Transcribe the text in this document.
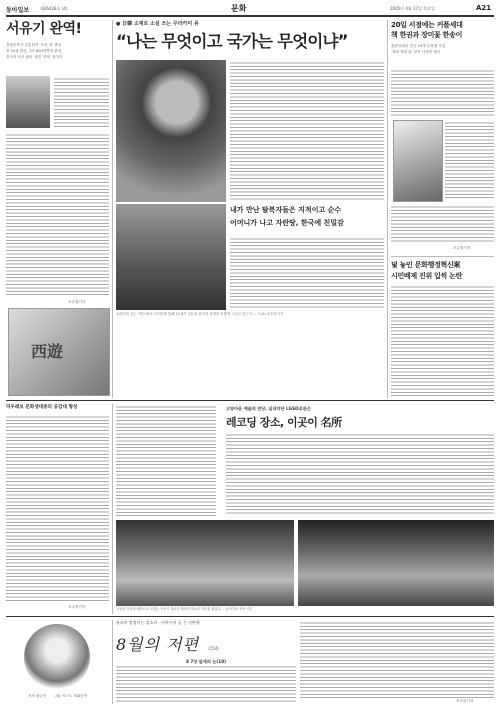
동아일보	제26428호 (4)	문화	2005년 4월 17일 목요일	A21
서유기 완역!
전원문학가 임홍빈서 '조선 경' 출실
중 10권 완간, 1만 800여쪽의 완성
중국어 어시 원어 '원본 직역' 전이다
조수영기자
西遊
● 日韓 소재로 소설 쓰는 무라카미 류
“나는 무엇이고 국가는 무엇이냐”
내가 만난 탈북자들은 지적이고 순수
어머니가 나고 자란땅, 한국에 친밀감
무라카미 류는 '반도에서 나가라'를 통해 21세기 일본과 한국의 관계를 어떻게 그리고 있는가 … 도쿄=조수영기자
20일 서점에는 커플세대
책 한권과 장미꽃 한송이
출판인회의 전국 10개 문화행 사업
'세계 책의 날' 맞아 다양한 행사
조수영기자
덫 놓인 문화행정혁신案
시민배제 진위 입씩 논란
덕우레보 문화생대중의 공감대 형성
조수영기자
고양아운 예술의 전당, 실내악단 LGSO로관은
레코딩 장소, 이곳이 名所
고양의 가운데 예인으로 모였는 신선이 새로운 레코딩 명소로 자리를 잡았다 … 동아일보 자료 사진
서씨 광규진 그림 이스트 저와한작
유리의 말랑이는 장소의 · 이야기의 공 긴 지면에
8월의 저편 (154)
8 7장 앞세의 눈(10)
조수영기자
